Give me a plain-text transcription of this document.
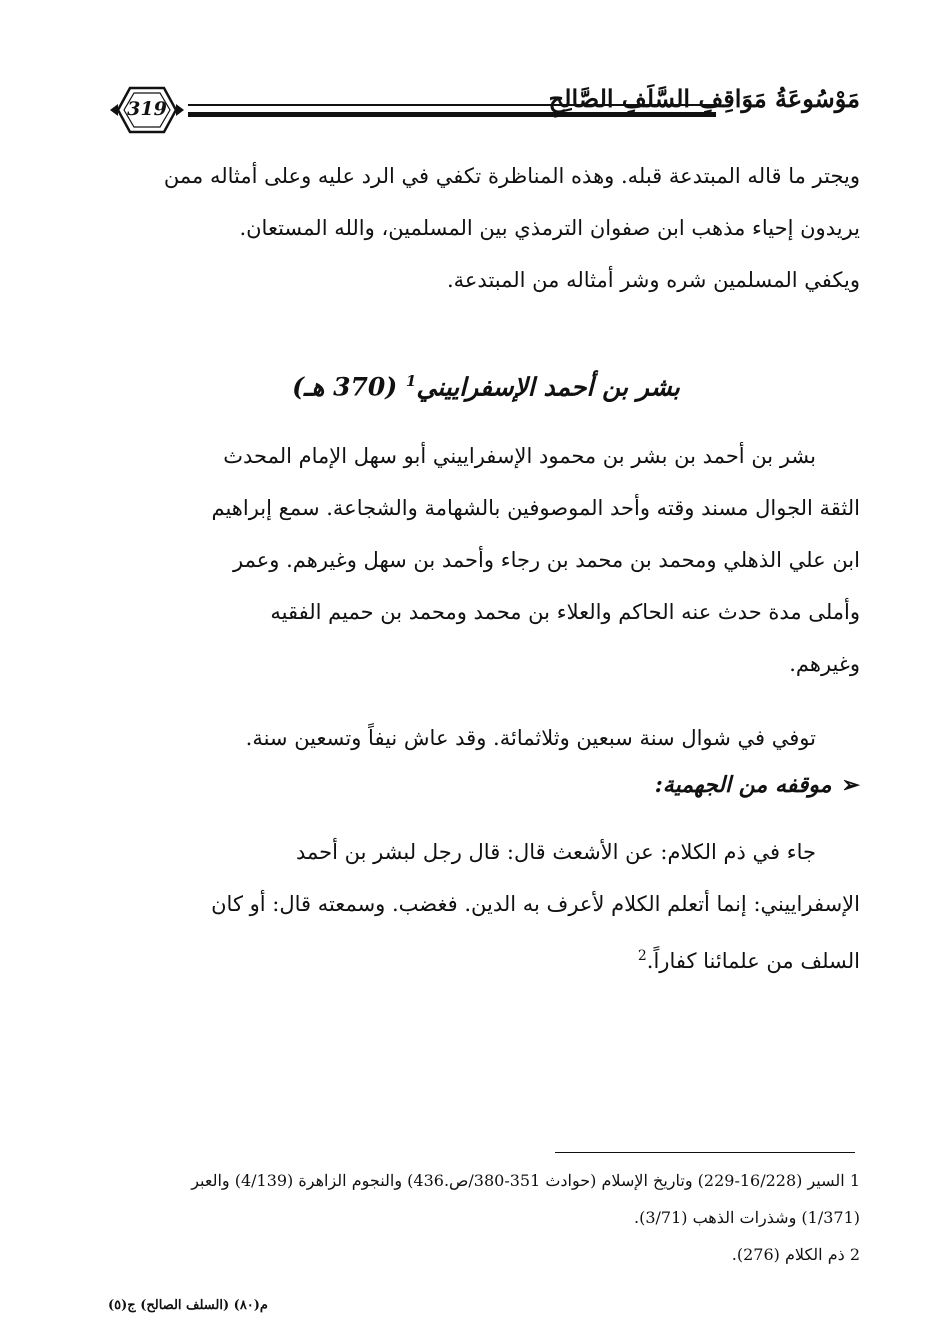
319	مَوْسُوعَةُ مَوَاقِفِ السَّلَفِ الصَّالِحِ

ويجتر ما قاله المبتدعة قبله. وهذه المناظرة تكفي في الرد عليه وعلى أمثاله ممن

يريدون إحياء مذهب ابن صفوان الترمذي بين المسلمين، والله المستعان.

ويكفي المسلمين شره وشر أمثاله من المبتدعة.

بشر بن أحمد الإسفراييني$^1$ (370 هـ)

بشر بن أحمد بن بشر بن محمود الإسفراييني أبو سهل الإمام المحدث

الثقة الجوال مسند وقته وأحد الموصوفين بالشهامة والشجاعة. سمع إبراهيم

ابن علي الذهلي ومحمد بن محمد بن رجاء وأحمد بن سهل وغيرهم. وعمر

وأملى مدة حدث عنه الحاكم والعلاء بن محمد ومحمد بن حميم الفقيه

وغيرهم.

توفي في شوال سنة سبعين وثلاثمائة. وقد عاش نيفاً وتسعين سنة.

➢موقفه من الجهمية:

جاء في ذم الكلام: عن الأشعث قال: قال رجل لبشر بن أحمد

الإسفراييني: إنما أتعلم الكلام لأعرف به الدين. فغضب. وسمعته قال: أو كان

السلف من علمائنا كفاراً.$^2$

1 السير (16/228-229) وتاريخ الإسلام (حوادث 351-380/ص.436) والنجوم الزاهرة (4/139) والعبر

(1/371) وشذرات الذهب (3/71).

2 ذم الكلام (276).

م(٨٠) (السلف الصالح) ج(٥)
